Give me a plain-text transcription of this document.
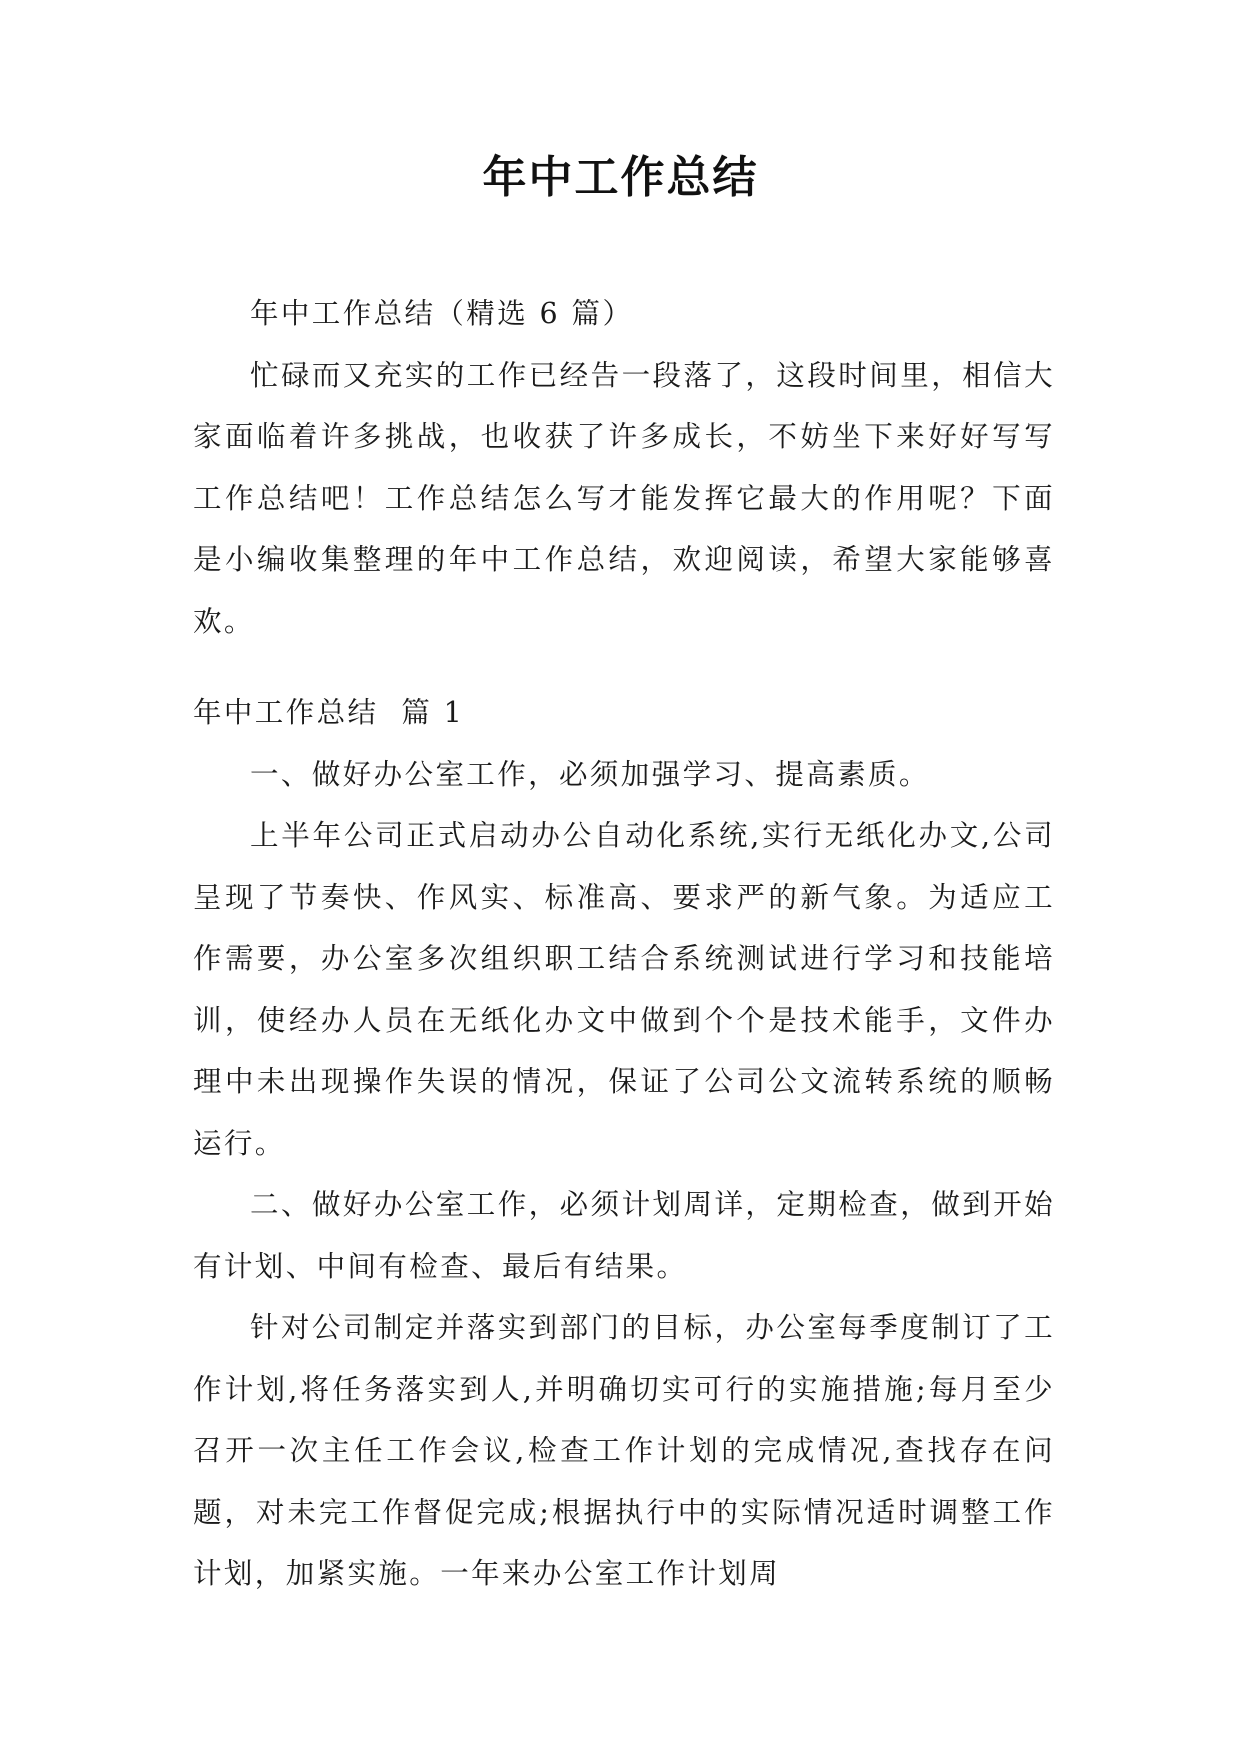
年中工作总结

年中工作总结（精选 6 篇）

忙碌而又充实的工作已经告一段落了，这段时间里，相信大家面临着许多挑战，也收获了许多成长，不妨坐下来好好写写工作总结吧！工作总结怎么写才能发挥它最大的作用呢？下面是小编收集整理的年中工作总结，欢迎阅读，希望大家能够喜欢。

年中工作总结  篇 1

一、做好办公室工作，必须加强学习、提高素质。

上半年公司正式启动办公自动化系统,实行无纸化办文,公司呈现了节奏快、作风实、标准高、要求严的新气象。为适应工作需要，办公室多次组织职工结合系统测试进行学习和技能培训，使经办人员在无纸化办文中做到个个是技术能手，文件办理中未出现操作失误的情况，保证了公司公文流转系统的顺畅运行。

二、做好办公室工作，必须计划周详，定期检查，做到开始有计划、中间有检查、最后有结果。

针对公司制定并落实到部门的目标，办公室每季度制订了工作计划,将任务落实到人,并明确切实可行的实施措施;每月至少召开一次主任工作会议,检查工作计划的完成情况,查找存在问题，对未完工作督促完成;根据执行中的实际情况适时调整工作计划，加紧实施。一年来办公室工作计划周
